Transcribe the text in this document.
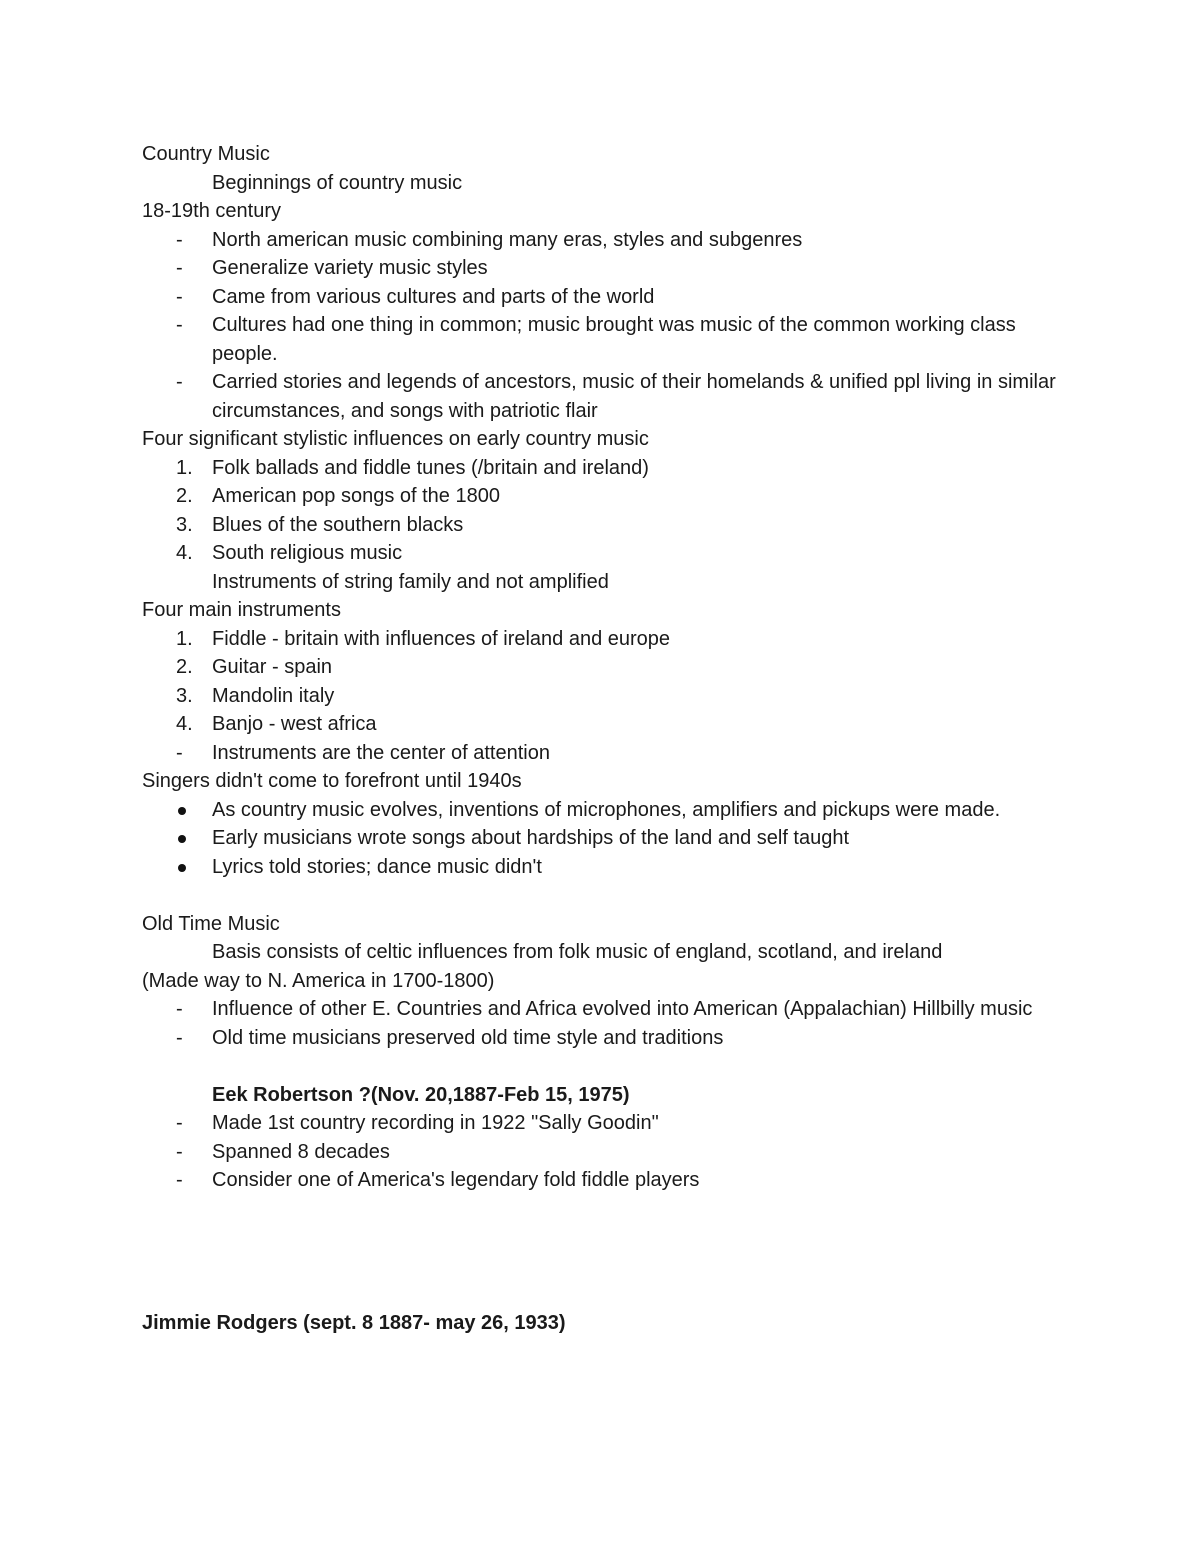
Country Music

Beginnings of country music

18-19th century

-	North american music combining many eras, styles and subgenres
-	Generalize variety music styles
-	Came from various cultures and parts of the world
-	Cultures had one thing in common; music brought was music of the common working class people.
-	Carried stories and legends of ancestors, music of their homelands & unified ppl living in similar circumstances, and songs with patriotic flair

Four significant stylistic influences on early country music

1. Folk ballads and fiddle tunes (/britain and ireland)
2. American pop songs of the 1800
3. Blues of the southern blacks
4. South religious music

Instruments of string family and not amplified

Four main instruments

1. Fiddle - britain with influences of ireland and europe
2. Guitar - spain
3. Mandolin italy
4. Banjo - west africa
-	Instruments are the center of attention

Singers didn't come to forefront until 1940s

As country music evolves, inventions of microphones, amplifiers and pickups were made.
Early musicians wrote songs about hardships of the land and self taught
Lyrics told stories; dance music didn't

Old Time Music

Basis consists of celtic influences from folk music of england, scotland, and ireland

(Made way to N. America in 1700-1800)

-	Influence of other E. Countries and Africa evolved into American (Appalachian) Hillbilly music
-	Old time musicians preserved old time style and traditions

Eek Robertson ?(Nov. 20,1887-Feb 15, 1975)

-	Made 1st country recording in 1922 "Sally Goodin"
-	Spanned 8 decades
-	Consider one of America's legendary fold fiddle players

Jimmie Rodgers (sept. 8 1887- may 26, 1933)
